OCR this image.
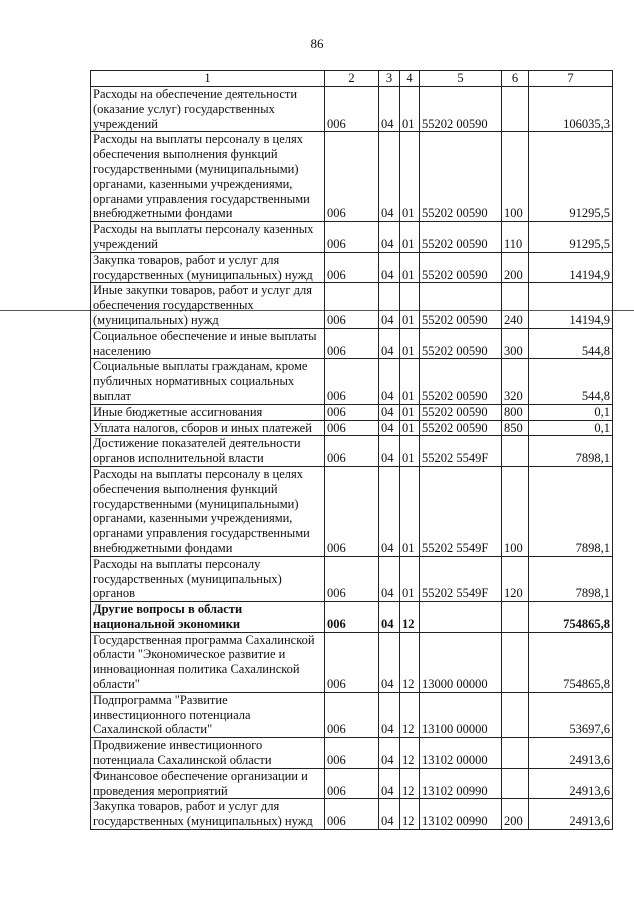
86
1	2	3	4	5	6	7
Расходы на обеспечение деятельности (оказание услуг) государственных учреждений	006	04	01	55202 00590		106035,3
Расходы на выплаты персоналу в целях обеспечения выполнения функций государственными (муниципальными) органами, казенными учреждениями, органами управления государственными внебюджетными фондами	006	04	01	55202 00590	100	91295,5
Расходы на выплаты персоналу казенных учреждений	006	04	01	55202 00590	110	91295,5
Закупка товаров, работ и услуг для государственных (муниципальных) нужд	006	04	01	55202 00590	200	14194,9
Иные закупки товаров, работ и услуг для обеспечения государственных (муниципальных) нужд	006	04	01	55202 00590	240	14194,9
Социальное обеспечение и иные выплаты населению	006	04	01	55202 00590	300	544,8
Социальные выплаты гражданам, кроме публичных нормативных социальных выплат	006	04	01	55202 00590	320	544,8
Иные бюджетные ассигнования	006	04	01	55202 00590	800	0,1
Уплата налогов, сборов и иных платежей	006	04	01	55202 00590	850	0,1
Достижение показателей деятельности органов исполнительной власти	006	04	01	55202 5549F		7898,1
Расходы на выплаты персоналу в целях обеспечения выполнения функций государственными (муниципальными) органами, казенными учреждениями, органами управления государственными внебюджетными фондами	006	04	01	55202 5549F	100	7898,1
Расходы на выплаты персоналу государственных (муниципальных) органов	006	04	01	55202 5549F	120	7898,1
Другие вопросы в области национальной экономики	006	04	12			754865,8
Государственная программа Сахалинской области "Экономическое развитие и инновационная политика Сахалинской области"	006	04	12	13000 00000		754865,8
Подпрограмма "Развитие инвестиционного потенциала Сахалинской области"	006	04	12	13100 00000		53697,6
Продвижение инвестиционного потенциала Сахалинской области	006	04	12	13102 00000		24913,6
Финансовое обеспечение организации и проведения мероприятий	006	04	12	13102 00990		24913,6
Закупка товаров, работ и услуг для государственных (муниципальных) нужд	006	04	12	13102 00990	200	24913,6
